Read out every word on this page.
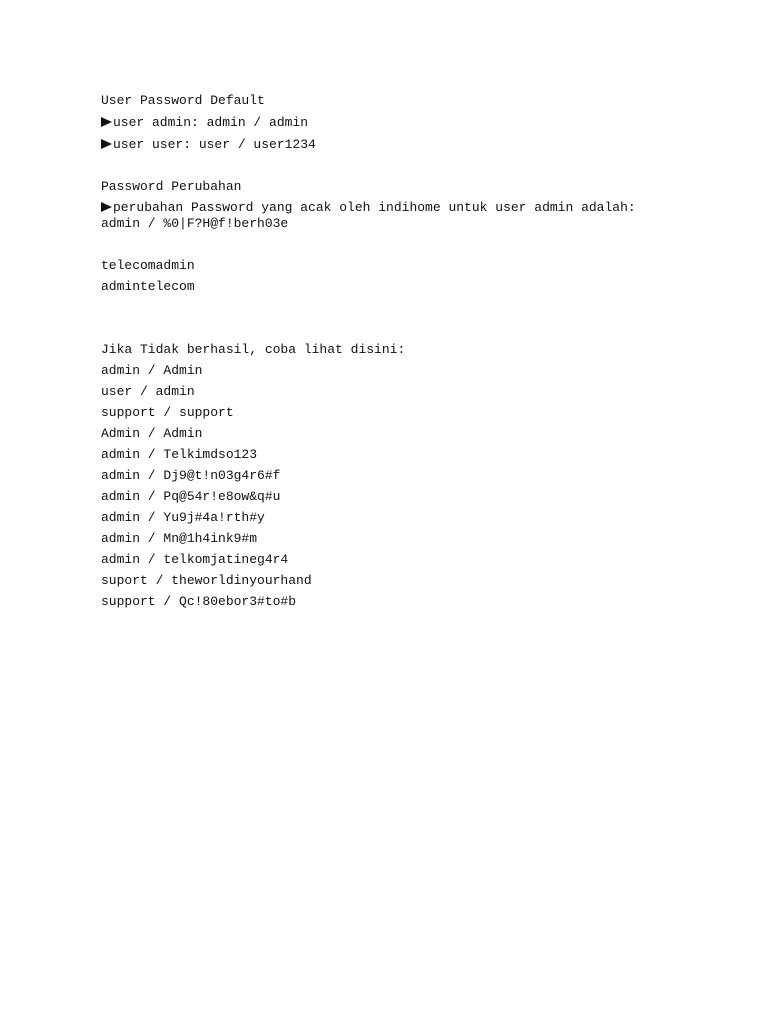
User Password Default

user admin: admin / admin

user user: user / user1234

Password Perubahan

perubahan Password yang acak oleh indihome untuk user admin adalah:

admin / %0|F?H@f!berh03e

telecomadmin

admintelecom

Jika Tidak berhasil, coba lihat disini:

admin / Admin

user / admin

support / support

Admin / Admin

admin / Telkimdso123

admin / Dj9@t!n03g4r6#f

admin / Pq@54r!e8ow&q#u

admin / Yu9j#4a!rth#y

admin / Mn@1h4ink9#m

admin / telkomjatineg4r4

suport / theworldinyourhand

support / Qc!80ebor3#to#b
